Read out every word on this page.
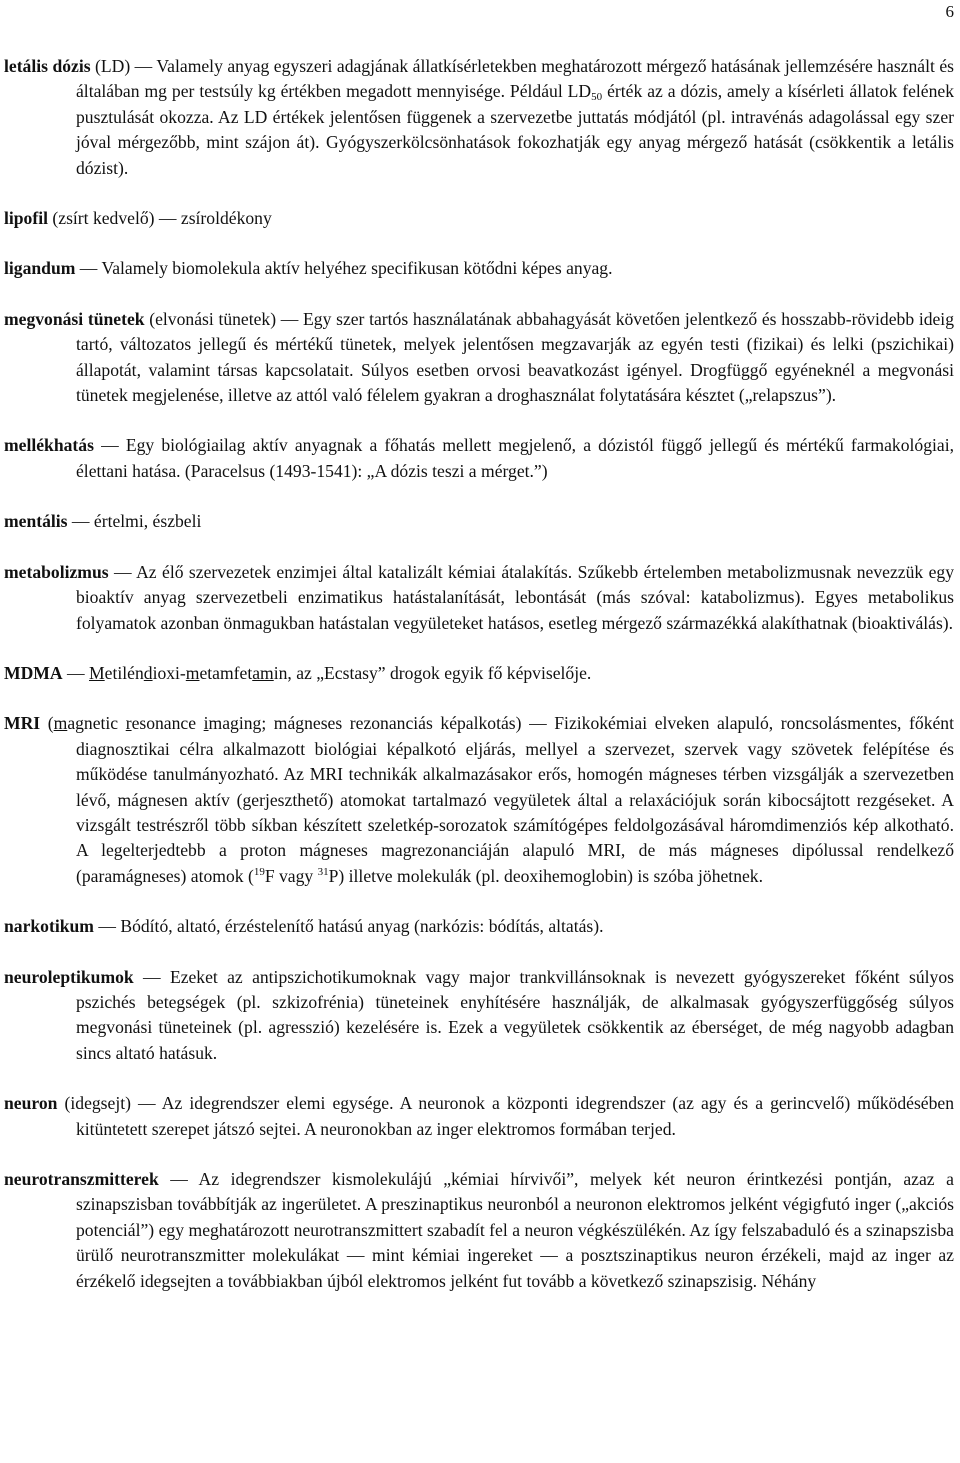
6

letális dózis (LD) — Valamely anyag egyszeri adagjának állatkísérletekben meghatározott mérgező hatásának jellemzésére használt és általában mg per testsúly kg értékben megadott mennyisége. Például $LD_{50}$ érték az a dózis, amely a kísérleti állatok felének pusztulását okozza. Az LD értékek jelentősen függenek a szervezetbe juttatás módjától (pl. intravénás adagolással egy szer jóval mérgezőbb, mint szájon át). Gyógyszerkölcsönhatások fokozhatják egy anyag mérgező hatását (csökkentik a letális dózist).

lipofil (zsírt kedvelő) — zsíroldékony

ligandum — Valamely biomolekula aktív helyéhez specifikusan kötődni képes anyag.

megvonási tünetek (elvonási tünetek) — Egy szer tartós használatának abbahagyását követően jelentkező és hosszabb-rövidebb ideig tartó, változatos jellegű és mértékű tünetek, melyek jelentősen megzavarják az egyén testi (fizikai) és lelki (pszichikai) állapotát, valamint társas kapcsolatait. Súlyos esetben orvosi beavatkozást igényel. Drogfüggő egyéneknél a megvonási tünetek megjelenése, illetve az attól való félelem gyakran a droghasználat folytatására késztet („relapszus”).

mellékhatás — Egy biológiailag aktív anyagnak a főhatás mellett megjelenő, a dózistól függő jellegű és mértékű farmakológiai, élettani hatása. (Paracelsus (1493-1541): „A dózis teszi a mérget.”)

mentális — értelmi, észbeli

metabolizmus — Az élő szervezetek enzimjei által katalizált kémiai átalakítás. Szűkebb értelemben metabolizmusnak nevezzük egy bioaktív anyag szervezetbeli enzimatikus hatástalanítását, lebontását (más szóval: katabolizmus). Egyes metabolikus folyamatok azonban önmagukban hatástalan vegyületeket hatásos, esetleg mérgező származékká alakíthatnak (bioaktiválás).

MDMA — Metiléndioxi-metamfetamin, az „Ecstasy” drogok egyik fő képviselője.

MRI (magnetic resonance imaging; mágneses rezonanciás képalkotás) — Fizikokémiai elveken alapuló, roncsolásmentes, főként diagnosztikai célra alkalmazott biológiai képalkotó eljárás, mellyel a szervezet, szervek vagy szövetek felépítése és működése tanulmányozható. Az MRI technikák alkalmazásakor erős, homogén mágneses térben vizsgálják a szervezetben lévő, mágnesen aktív (gerjeszthető) atomokat tartalmazó vegyületek által a relaxációjuk során kibocsájtott rezgéseket. A vizsgált testrészről több síkban készített szeletkép-sorozatok számítógépes feldolgozásával háromdimenziós kép alkotható. A legelterjedtebb a proton mágneses magrezonanciáján alapuló MRI, de más mágneses dipólussal rendelkező (paramágneses) atomok ($^{19}$F vagy $^{31}$P) illetve molekulák (pl. deoxihemoglobin) is szóba jöhetnek.

narkotikum — Bódító, altató, érzéstelenítő hatású anyag (narkózis: bódítás, altatás).

neuroleptikumok — Ezeket az antipszichotikumoknak vagy major trankvillánsoknak is nevezett gyógyszereket főként súlyos pszichés betegségek (pl. szkizofrénia) tüneteinek enyhítésére használják, de alkalmasak gyógyszerfüggőség súlyos megvonási tüneteinek (pl. agresszió) kezelésére is. Ezek a vegyületek csökkentik az éberséget, de még nagyobb adagban sincs altató hatásuk.

neuron (idegsejt) — Az idegrendszer elemi egysége. A neuronok a központi idegrendszer (az agy és a gerincvelő) működésében kitüntetett szerepet játszó sejtei. A neuronokban az inger elektromos formában terjed.

neurotranszmitterek — Az idegrendszer kismolekulájú „kémiai hírvivői”, melyek két neuron érintkezési pontján, azaz a szinapszisban továbbítják az ingerületet. A preszinaptikus neuronból a neuronon elektromos jelként végigfutó inger („akciós potenciál”) egy meghatározott neurotranszmittert szabadít fel a neuron végkészülékén. Az így felszabaduló és a szinapszisba ürülő neurotranszmitter molekulákat — mint kémiai ingereket — a posztszinaptikus neuron érzékeli, majd az inger az érzékelő idegsejten a továbbiakban újból elektromos jelként fut tovább a következő szinapszisig. Néhány
